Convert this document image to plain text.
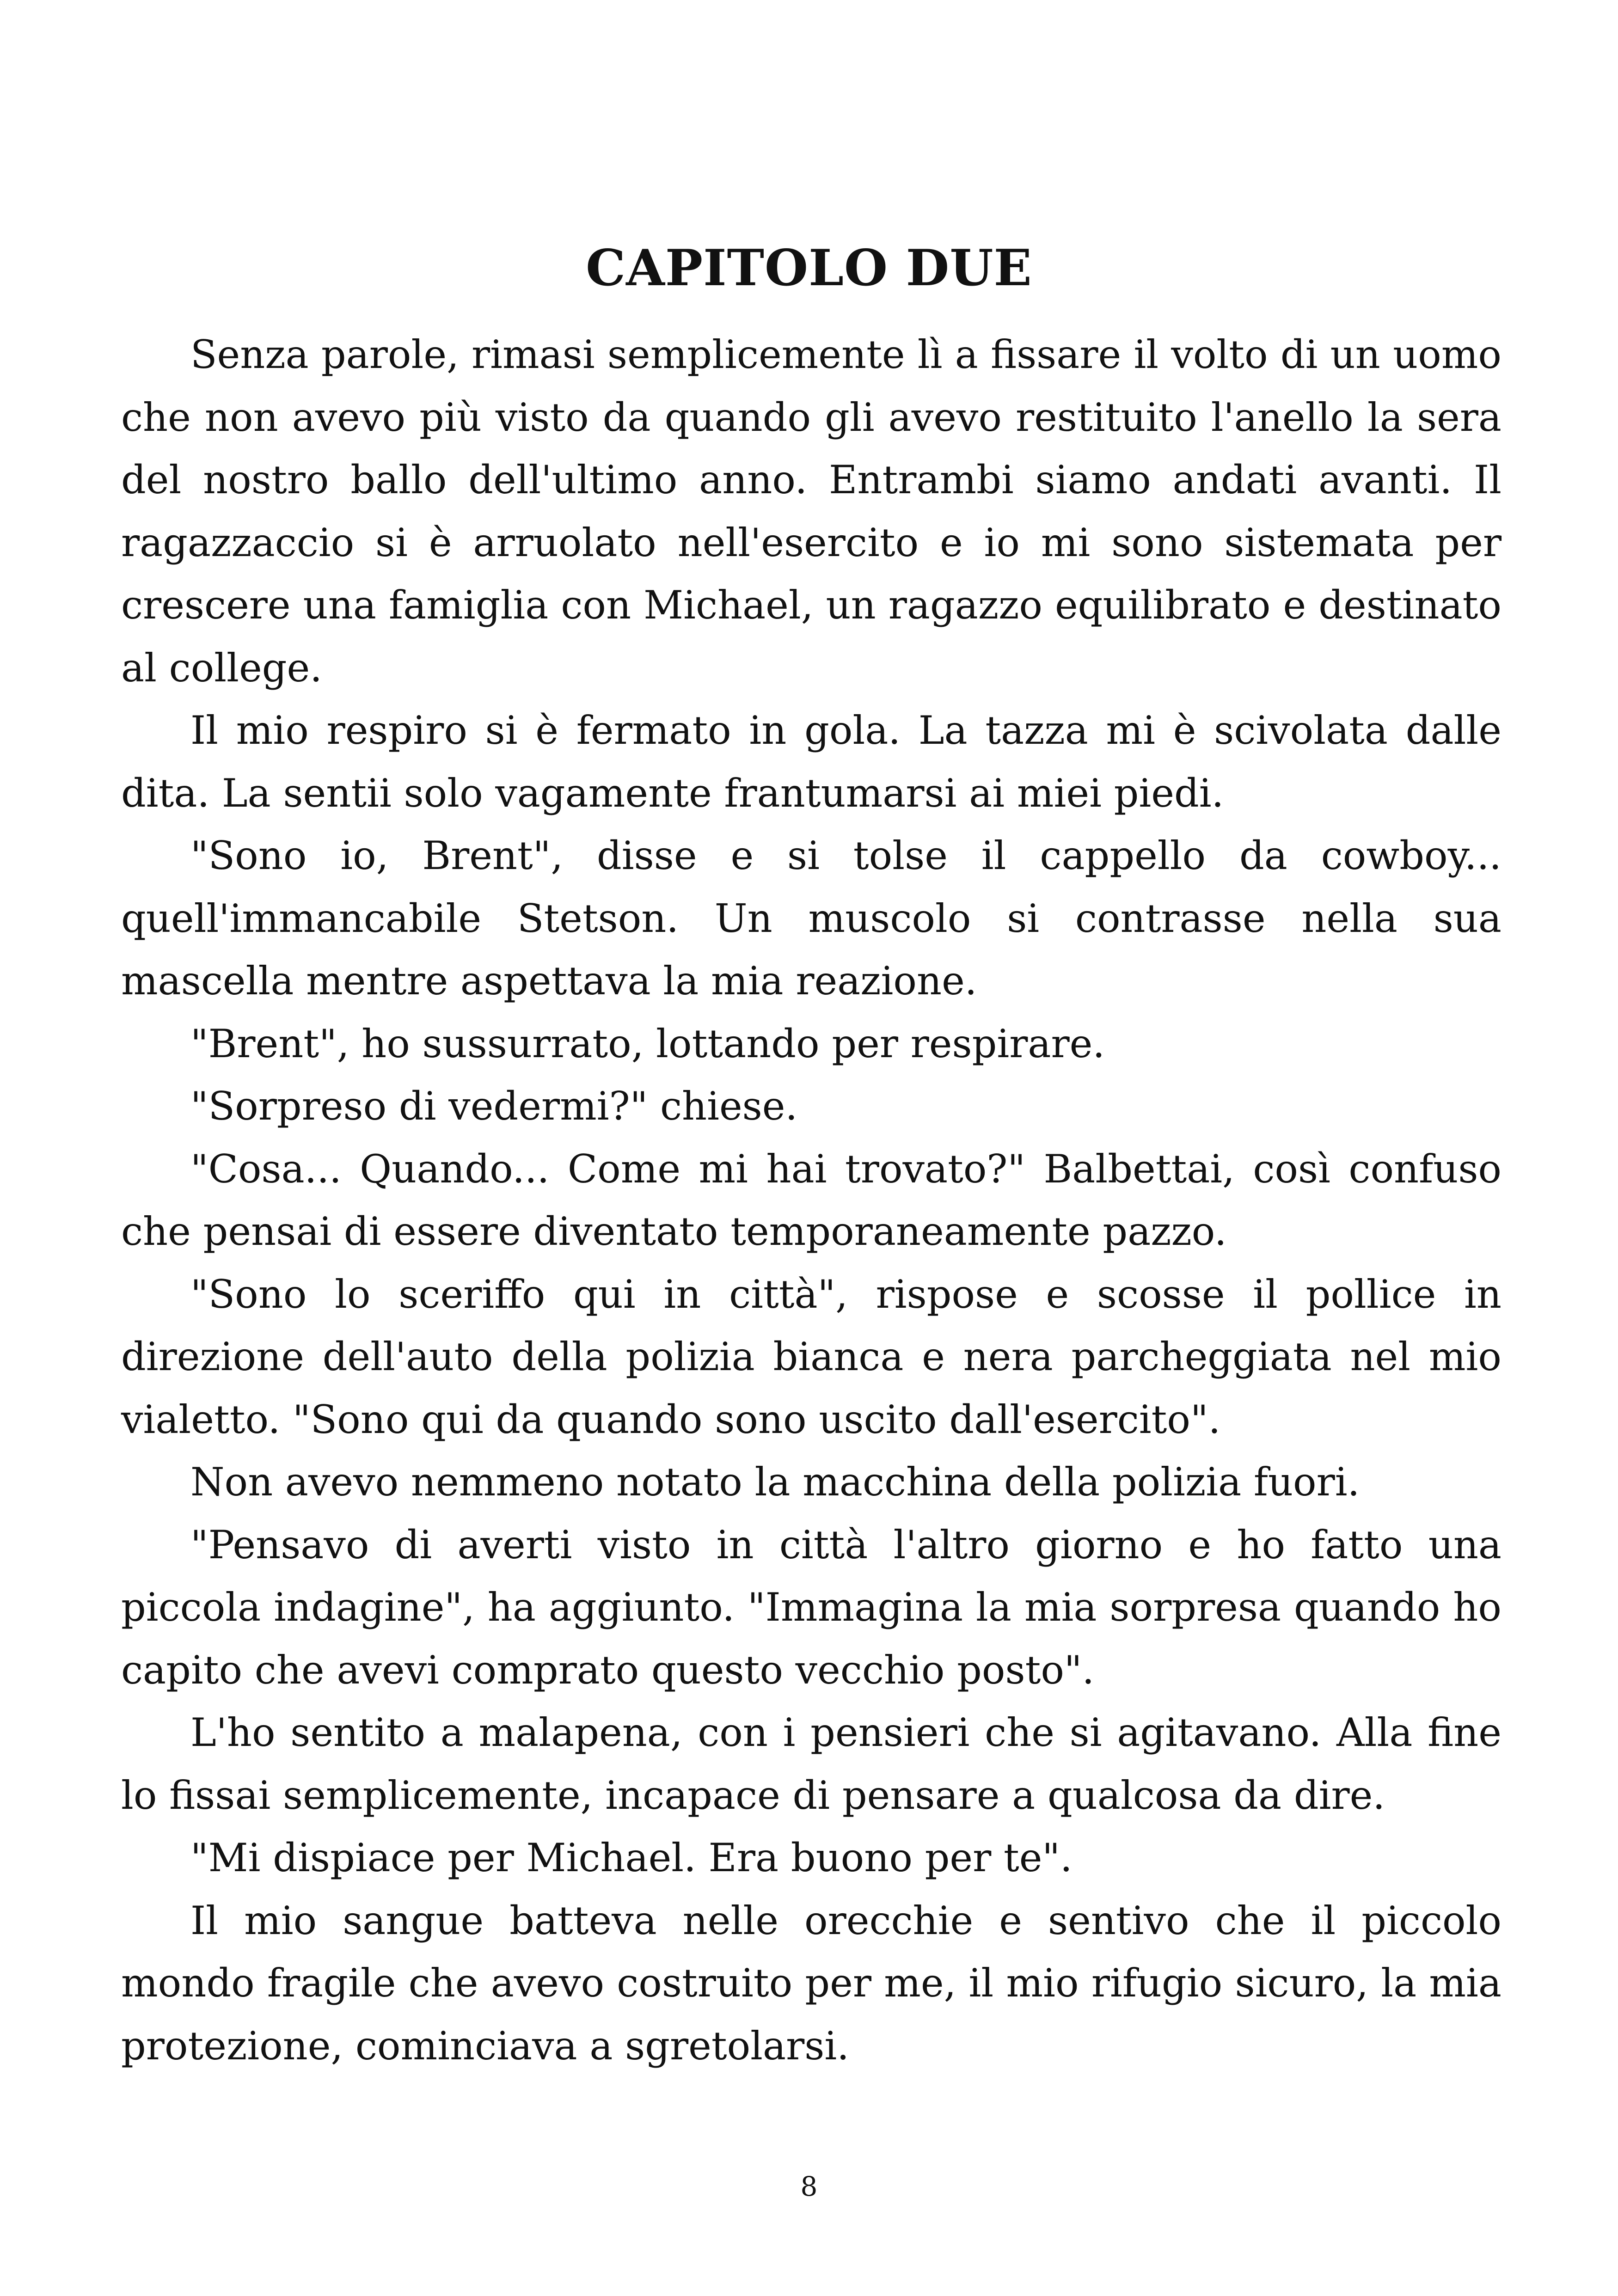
CAPITOLO DUE

Senza parole, rimasi semplicemente lì a fissare il volto di un uomo che non avevo più visto da quando gli avevo restituito l'anello la sera del nostro ballo dell'ultimo anno. Entrambi siamo andati avanti. Il ragazzaccio si è arruolato nell'esercito e io mi sono sistemata per crescere una famiglia con Michael, un ragazzo equilibrato e destinato al college.

Il mio respiro si è fermato in gola. La tazza mi è scivolata dalle dita. La sentii solo vagamente frantumarsi ai miei piedi.

"Sono io, Brent", disse e si tolse il cappello da cowboy... quell'immancabile Stetson. Un muscolo si contrasse nella sua mascella mentre aspettava la mia reazione.

"Brent", ho sussurrato, lottando per respirare.

"Sorpreso di vedermi?" chiese.

"Cosa... Quando... Come mi hai trovato?" Balbettai, così confuso che pensai di essere diventato temporaneamente pazzo.

"Sono lo sceriffo qui in città", rispose e scosse il pollice in direzione dell'auto della polizia bianca e nera parcheggiata nel mio vialetto. "Sono qui da quando sono uscito dall'esercito".

Non avevo nemmeno notato la macchina della polizia fuori.

"Pensavo di averti visto in città l'altro giorno e ho fatto una piccola indagine", ha aggiunto. "Immagina la mia sorpresa quando ho capito che avevi comprato questo vecchio posto".

L'ho sentito a malapena, con i pensieri che si agitavano. Alla fine lo fissai semplicemente, incapace di pensare a qualcosa da dire.

"Mi dispiace per Michael. Era buono per te".

Il mio sangue batteva nelle orecchie e sentivo che il piccolo mondo fragile che avevo costruito per me, il mio rifugio sicuro, la mia protezione, cominciava a sgretolarsi.

8
